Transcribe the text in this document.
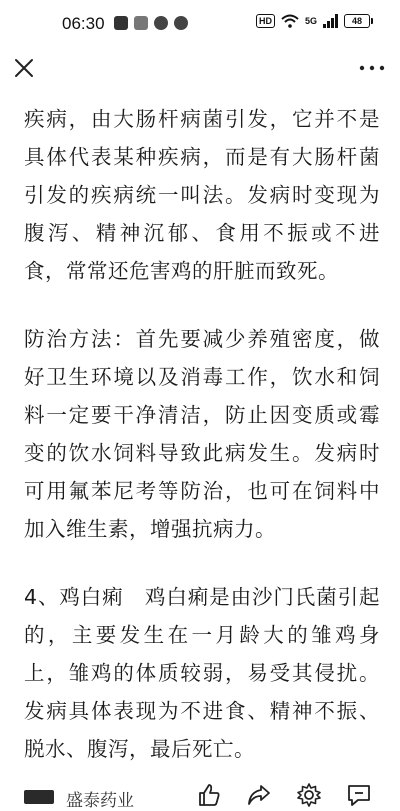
06:30	HD	5G	48

疾病，由大肠杆病菌引发，它并不是具体代表某种疾病，而是有大肠杆菌引发的疾病统一叫法。发病时变现为腹泻、精神沉郁、食用不振或不进食，常常还危害鸡的肝脏而致死。

防治方法：首先要减少养殖密度，做好卫生环境以及消毒工作，饮水和饲料一定要干净清洁，防止因变质或霉变的饮水饲料导致此病发生。发病时可用氟苯尼考等防治，也可在饲料中加入维生素，增强抗病力。

4、鸡白痢　鸡白痢是由沙门氏菌引起的，主要发生在一月龄大的雏鸡身上，雏鸡的体质较弱，易受其侵扰。发病具体表现为不进食、精神不振、脱水、腹泻，最后死亡。

盛泰药业
